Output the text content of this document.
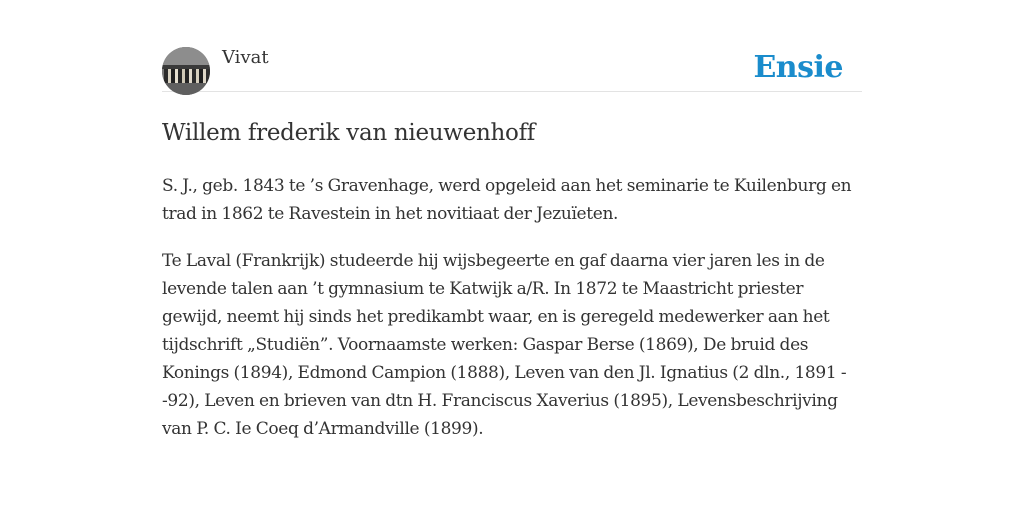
Vivat	Ensie
Willem frederik van nieuwenhoff

S. J., geb. 1843 te ’s Gravenhage, werd opgeleid aan het seminarie te Kuilenburg en trad in 1862 te Ravestein in het novitiaat der Jezuïeten.

Te Laval (Frankrijk) studeerde hij wijsbegeerte en gaf daarna vier jaren les in de levende talen aan ’t gymnasium te Katwijk a/R. In 1872 te Maastricht priester gewijd, neemt hij sinds het predikambt waar, en is geregeld medewerker aan het tijdschrift „Studiën”. Voornaamste werken: Gaspar Berse (1869), De bruid des Konings (1894), Edmond Campion (1888), Leven van den Jl. Ignatius (2 dln., 1891 - -92), Leven en brieven van dtn H. Franciscus Xaverius (1895), Levensbeschrijving van P. C. Ie Coeq d’Armandville (1899).
